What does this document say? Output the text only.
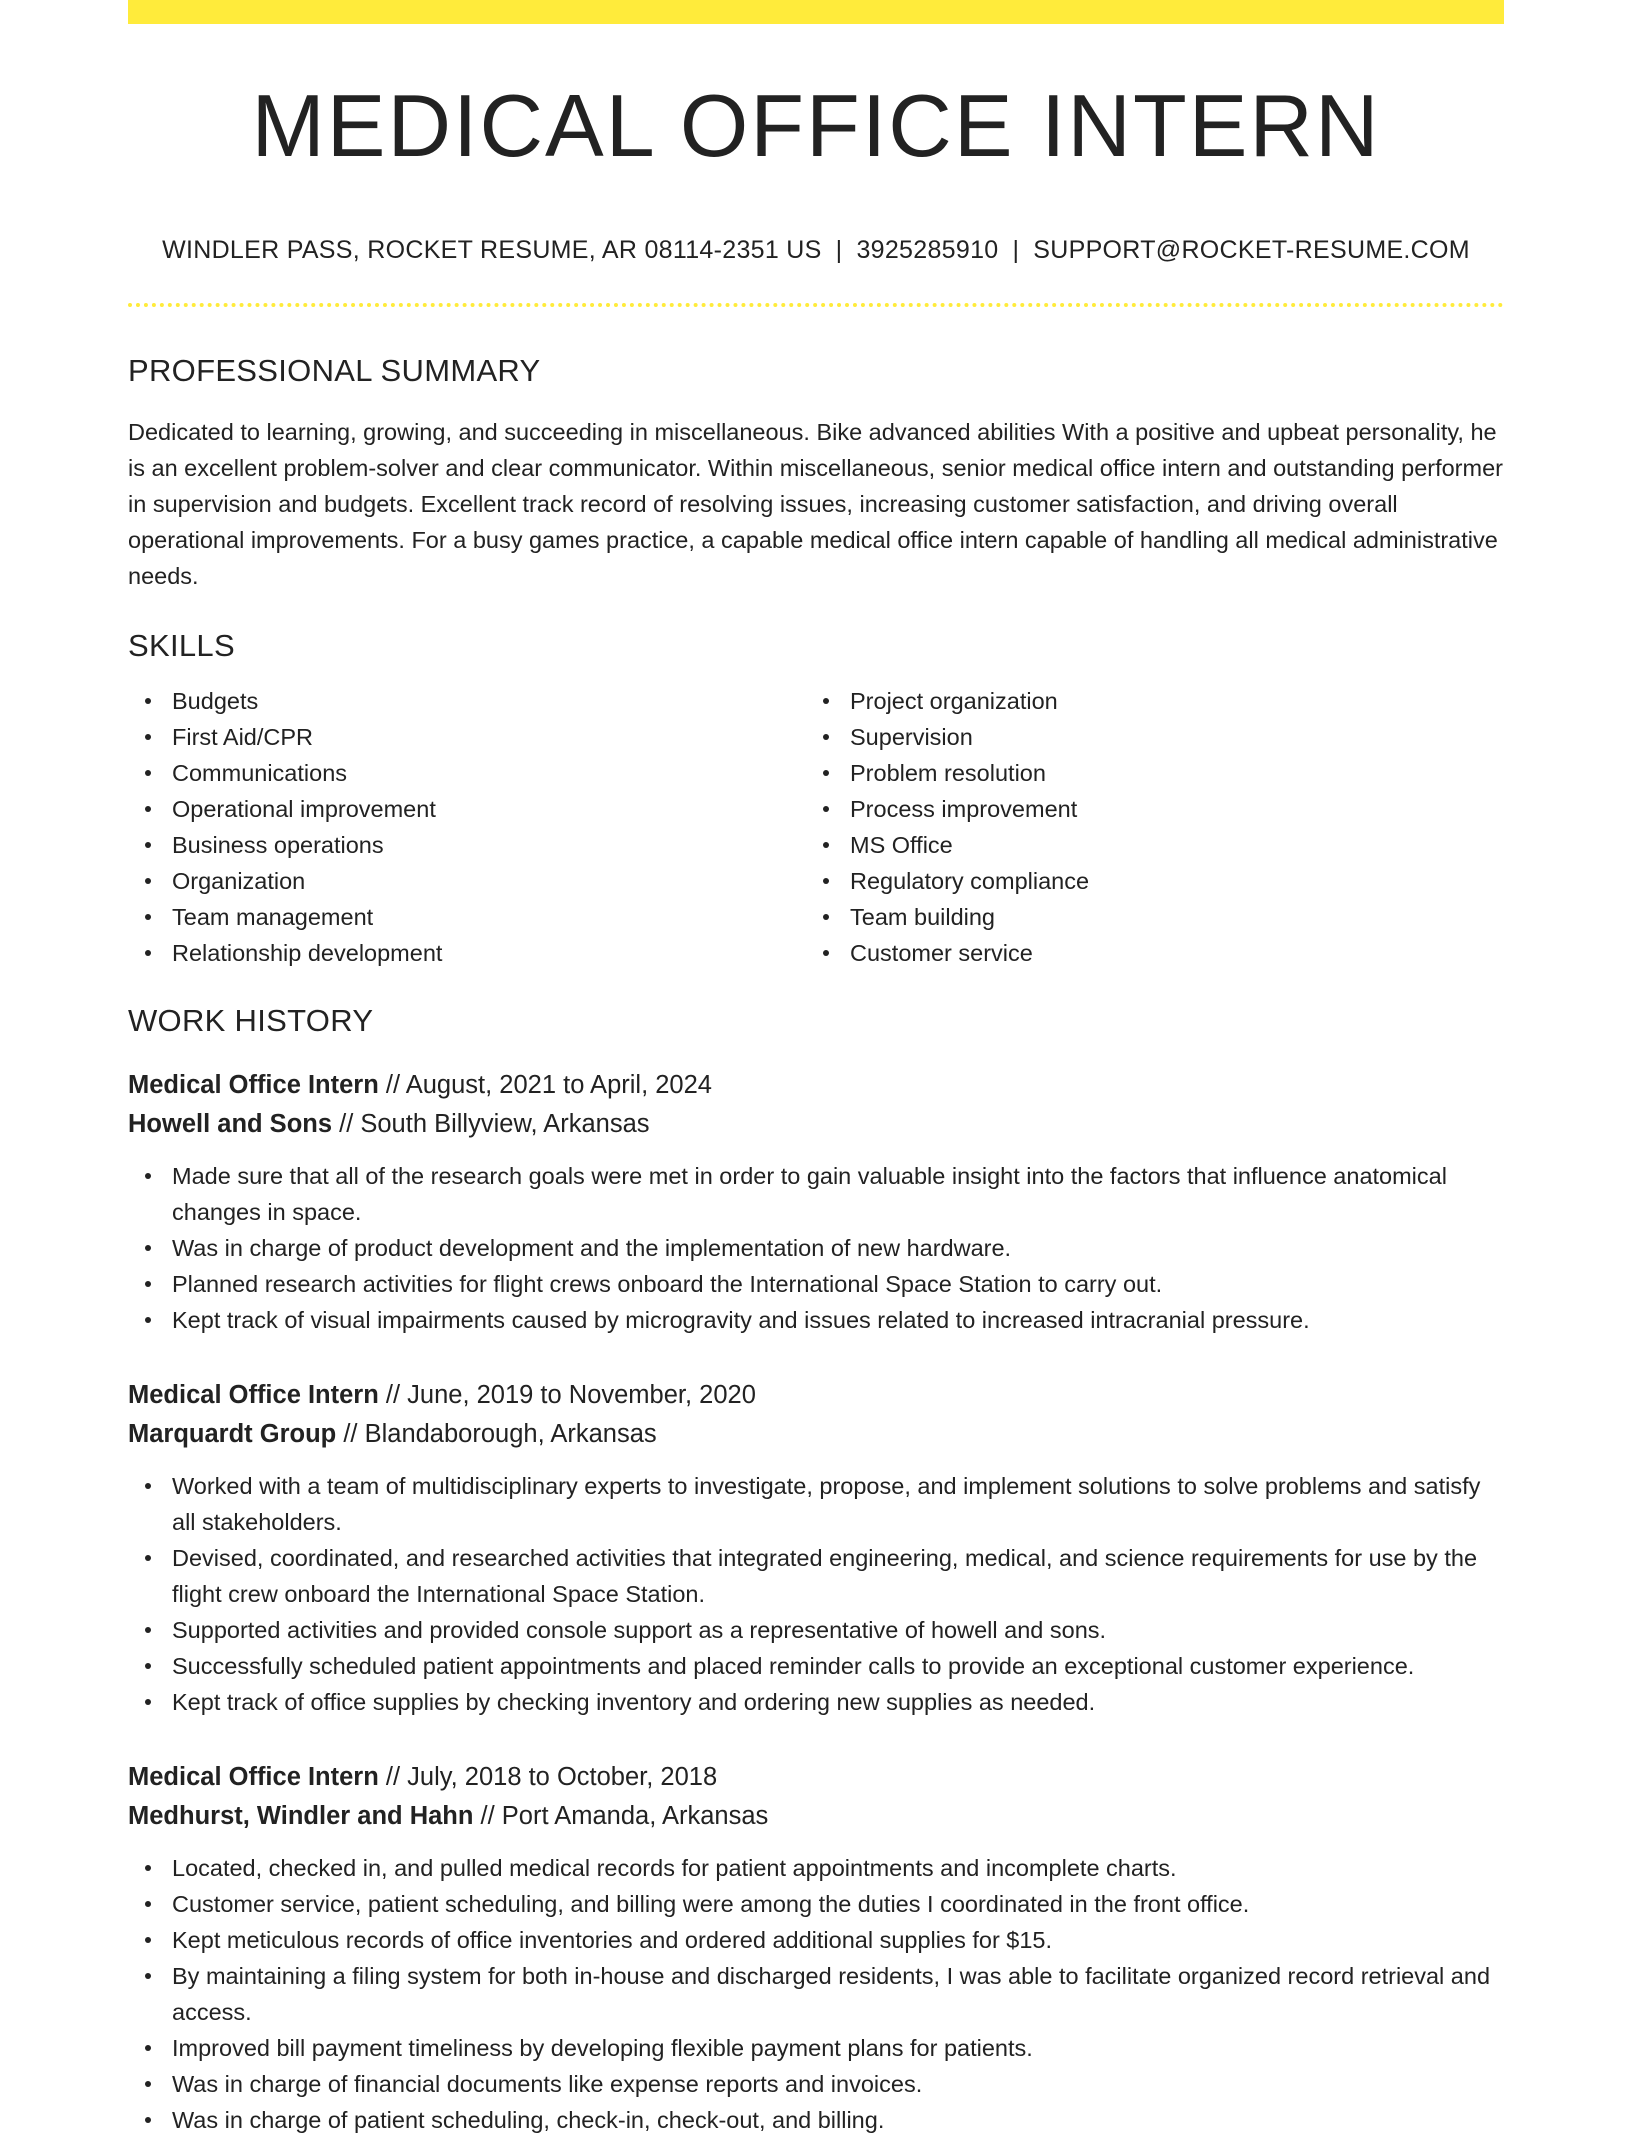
MEDICAL OFFICE INTERN
WINDLER PASS, ROCKET RESUME, AR 08114-2351 US | 3925285910 | SUPPORT@ROCKET-RESUME.COM
PROFESSIONAL SUMMARY

Dedicated to learning, growing, and succeeding in miscellaneous. Bike advanced abilities With a positive and upbeat personality, he is an excellent problem-solver and clear communicator. Within miscellaneous, senior medical office intern and outstanding performer in supervision and budgets. Excellent track record of resolving issues, increasing customer satisfaction, and driving overall operational improvements. For a busy games practice, a capable medical office intern capable of handling all medical administrative needs.

SKILLS
Budgets
First Aid/CPR
Communications
Operational improvement
Business operations
Organization
Team management
Relationship development
Project organization
Supervision
Problem resolution
Process improvement
MS Office
Regulatory compliance
Team building
Customer service
WORK HISTORY
Medical Office Intern // August, 2021 to April, 2024
Howell and Sons // South Billyview, Arkansas
Made sure that all of the research goals were met in order to gain valuable insight into the factors that influence anatomical changes in space.
Was in charge of product development and the implementation of new hardware.
Planned research activities for flight crews onboard the International Space Station to carry out.
Kept track of visual impairments caused by microgravity and issues related to increased intracranial pressure.
Medical Office Intern // June, 2019 to November, 2020
Marquardt Group // Blandaborough, Arkansas
Worked with a team of multidisciplinary experts to investigate, propose, and implement solutions to solve problems and satisfy all stakeholders.
Devised, coordinated, and researched activities that integrated engineering, medical, and science requirements for use by the flight crew onboard the International Space Station.
Supported activities and provided console support as a representative of howell and sons.
Successfully scheduled patient appointments and placed reminder calls to provide an exceptional customer experience.
Kept track of office supplies by checking inventory and ordering new supplies as needed.
Medical Office Intern // July, 2018 to October, 2018
Medhurst, Windler and Hahn // Port Amanda, Arkansas
Located, checked in, and pulled medical records for patient appointments and incomplete charts.
Customer service, patient scheduling, and billing were among the duties I coordinated in the front office.
Kept meticulous records of office inventories and ordered additional supplies for $15.
By maintaining a filing system for both in-house and discharged residents, I was able to facilitate organized record retrieval and access.
Improved bill payment timeliness by developing flexible payment plans for patients.
Was in charge of financial documents like expense reports and invoices.
Was in charge of patient scheduling, check-in, check-out, and billing.
